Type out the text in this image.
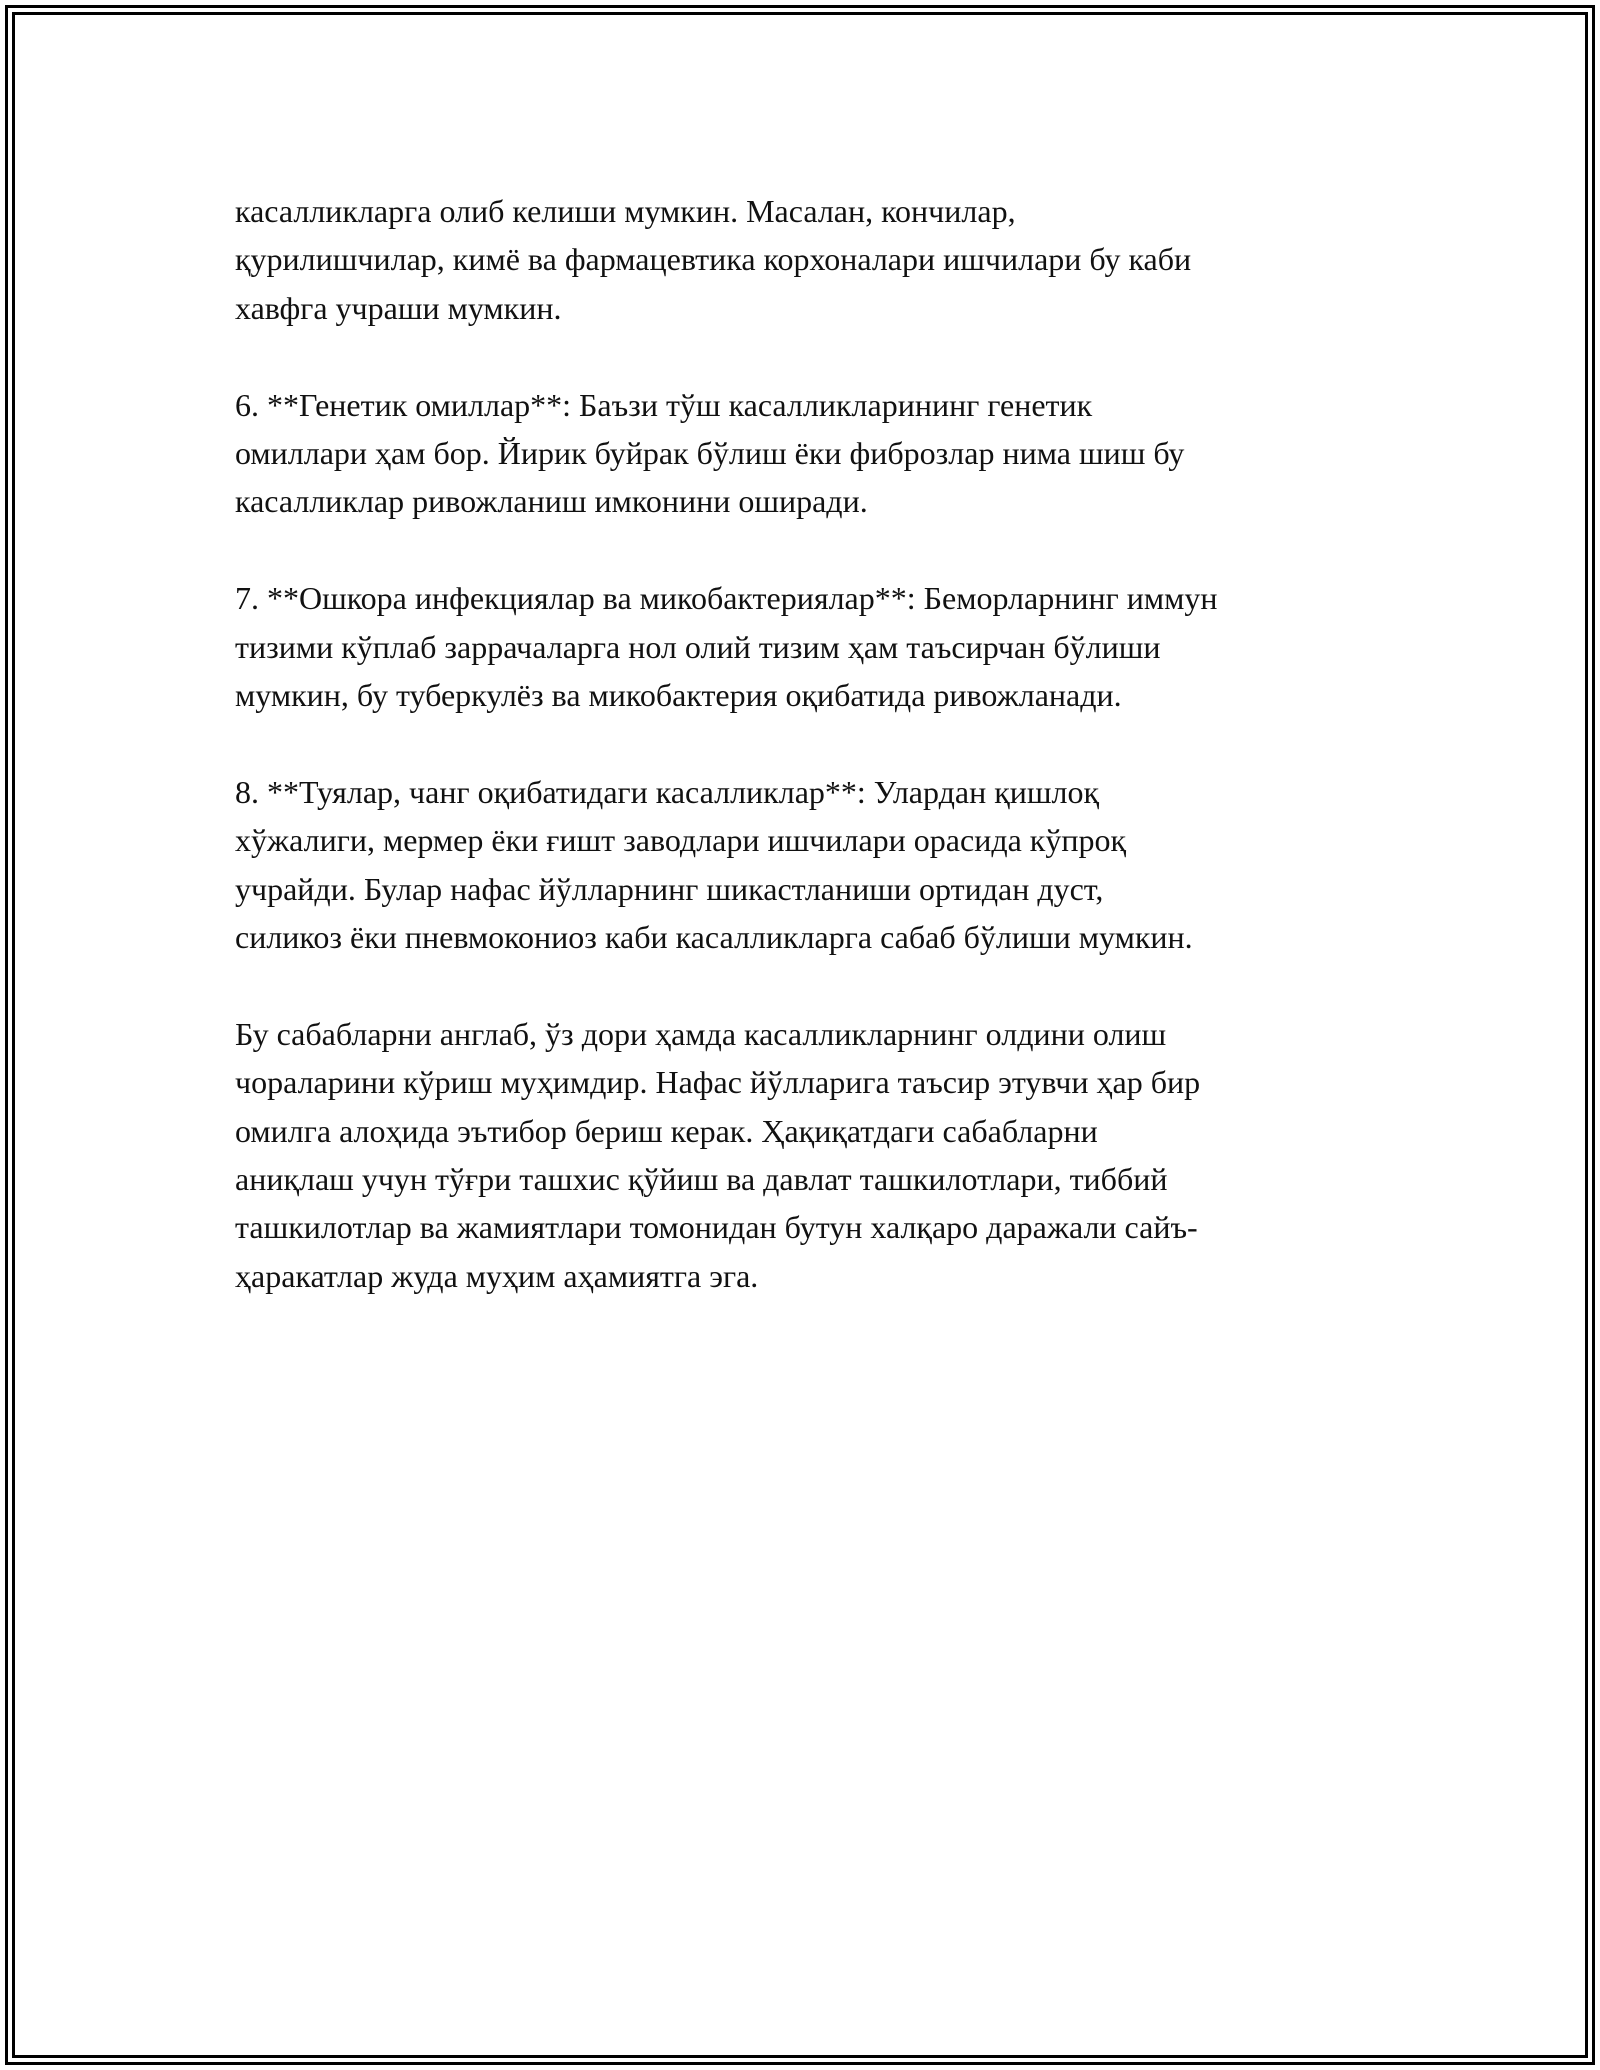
касалликларга олиб келиши мумкин. Масалан, кончилар,
қурилишчилар, кимё ва фармацевтика корхоналари ишчилари бу каби
хавфга учраши мумкин.

6. **Генетик омиллар**: Баъзи тўш касалликларининг генетик
омиллари ҳам бор. Йирик буйрак бўлиш ёки фиброзлар нима шиш бу
касалликлар ривожланиш имконини оширади.

7. **Ошкора инфекциялар ва микобактериялар**: Беморларнинг иммун
тизими кўплаб заррачаларга нол олий тизим ҳам таъсирчан бўлиши
мумкин, бу туберкулёз ва микобактерия оқибатида ривожланади.

8. **Туялар, чанг оқибатидаги касалликлар**: Улардан қишлоқ
хўжалиги, мермер ёки ғишт заводлари ишчилари орасида кўпроқ
учрайди. Булар нафас йўлларнинг шикастланиши ортидан дуст,
силикоз ёки пневмокониоз каби касалликларга сабаб бўлиши мумкин.

Бу сабабларни англаб, ўз дори ҳамда касалликларнинг олдини олиш
чораларини кўриш муҳимдир. Нафас йўлларига таъсир этувчи ҳар бир
омилга алоҳида эътибор бериш керак. Ҳақиқатдаги сабабларни
аниқлаш учун тўғри ташхис қўйиш ва давлат ташкилотлари, тиббий
ташкилотлар ва жамиятлари томонидан бутун халқаро даражали сайъ-
ҳаракатлар жуда муҳим аҳамиятга эга.
